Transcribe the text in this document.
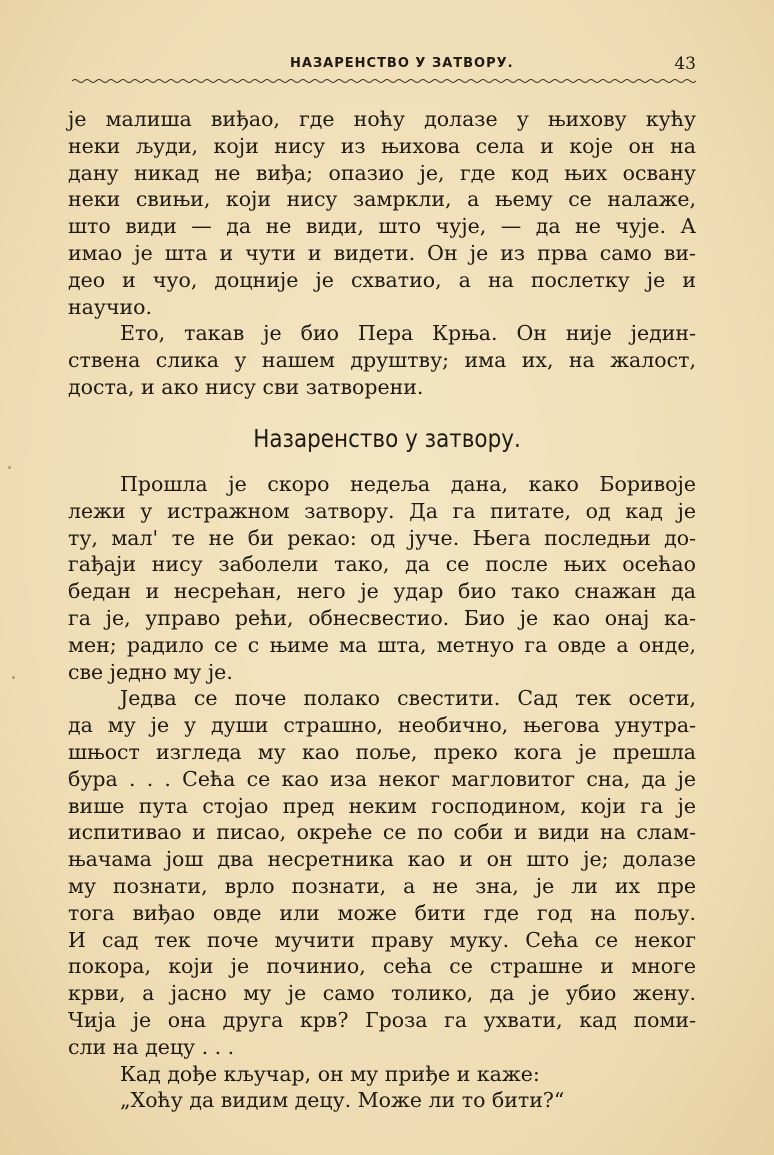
НАЗАРЕНСТВО У ЗАТВОРУ.	43
је малиша виђао, где ноћу долазе у њихову кућу
неки људи, који нису из њихова села и које он на
дану никад не виђа; опазио је, где код њих освану
неки свињи, који нису замркли, а њему се налаже,
што види — да не види, што чује, — да не чује. А
имао је шта и чути и видети. Он је из прва само ви-
део и чуо, доцније је схватио, а на послетку је и
научио.
Ето, такав је био Пера Крња. Он није једин-
ствена слика у нашем друштву; има их, на жалост,
доста, и ако нису сви затворени.
Назаренство у затвору.
Прошла је скоро недеља дана, како Боривоје
лежи у истражном затвору. Да га питате, од кад је
ту, мал' те не би рекао: од јуче. Њега последњи до-
гађаји нису заболели тако, да се после њих осећао
бедан и несрећан, него је удар био тако снажан да
га је, управо рећи, обнесвестио. Био је као онај ка-
мен; радило се с њиме ма шта, метнуо га овде а онде,
све једно му је.
Једва се поче полако свестити. Сад тек осети,
да му је у души страшно, необично, његова унутра-
шњост изгледа му као поље, преко кога је прешла
бура . . . Сећа се као иза неког магловитог сна, да је
више пута стојао пред неким господином, који га је
испитивао и писао, окреће се по соби и види на слам-
њачама још два несретника као и он што је; долазе
му познати, врло познати, а не зна, је ли их пре
тога виђао овде или може бити где год на пољу.
И сад тек поче мучити праву муку. Сећа се неког
покора, који је починио, сећа се страшне и многе
крви, а јасно му је само толико, да је убио жену.
Чија је она друга крв? Гроза га ухвати, кад поми-
сли на децу . . .
Кад дође кључар, он му приђе и каже:
„Хоћу да видим децу. Може ли то бити?“
